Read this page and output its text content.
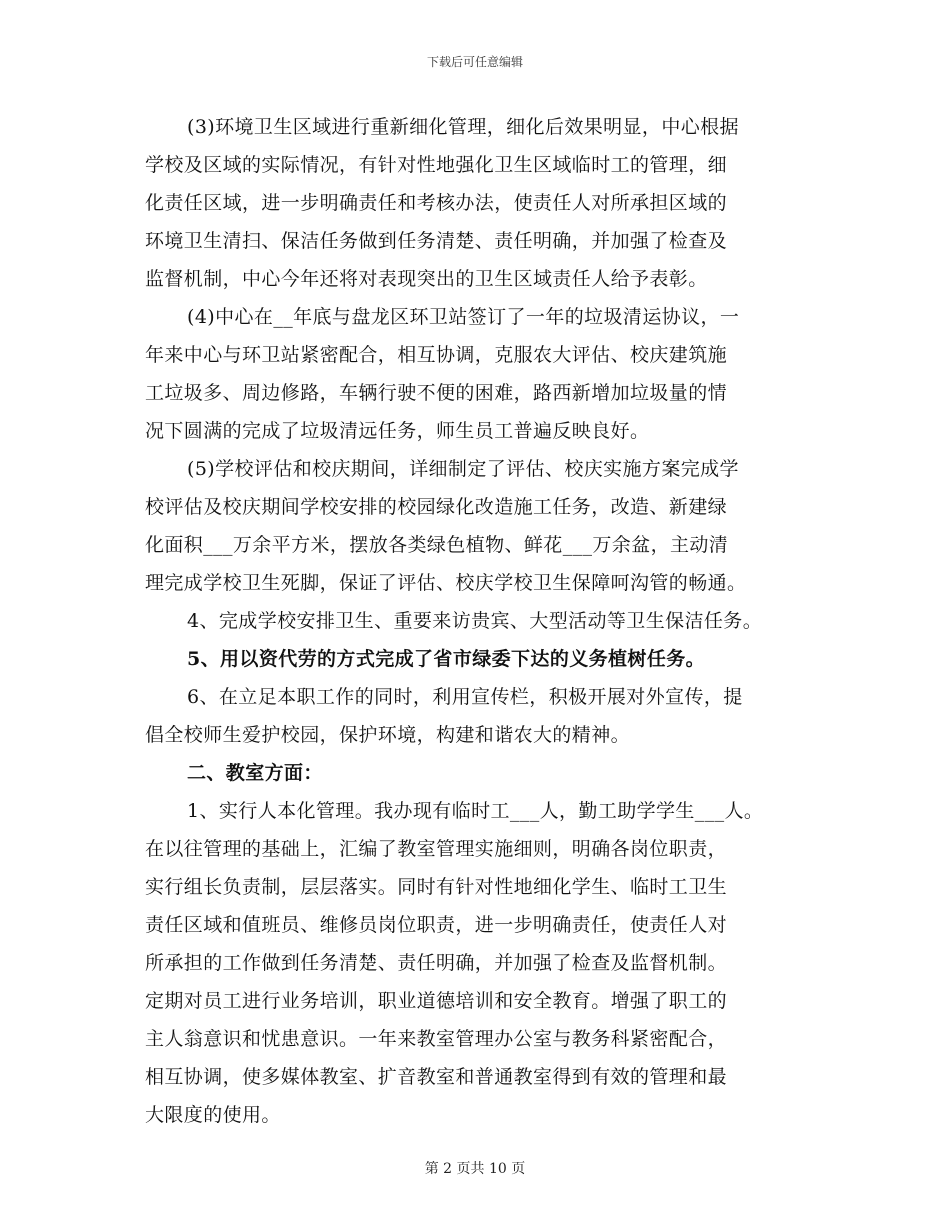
下载后可任意编辑
(3)环境卫生区域进行重新细化管理，细化后效果明显，中心根据
学校及区域的实际情况，有针对性地强化卫生区域临时工的管理，细
化责任区域，进一步明确责任和考核办法，使责任人对所承担区域的
环境卫生清扫、保洁任务做到任务清楚、责任明确，并加强了检查及
监督机制，中心今年还将对表现突出的卫生区域责任人给予表彰。
(4)中心在__年底与盘龙区环卫站签订了一年的垃圾清运协议，一
年来中心与环卫站紧密配合，相互协调，克服农大评估、校庆建筑施
工垃圾多、周边修路，车辆行驶不便的困难，路西新增加垃圾量的情
况下圆满的完成了垃圾清远任务，师生员工普遍反映良好。
(5)学校评估和校庆期间，详细制定了评估、校庆实施方案完成学
校评估及校庆期间学校安排的校园绿化改造施工任务，改造、新建绿
化面积___万余平方米，摆放各类绿色植物、鲜花___万余盆，主动清
理完成学校卫生死脚，保证了评估、校庆学校卫生保障呵沟管的畅通。
4、完成学校安排卫生、重要来访贵宾、大型活动等卫生保洁任务。
5、用以资代劳的方式完成了省市绿委下达的义务植树任务。
6、在立足本职工作的同时，利用宣传栏，积极开展对外宣传，提
倡全校师生爱护校园，保护环境，构建和谐农大的精神。
二、教室方面：
1、实行人本化管理。我办现有临时工___人，勤工助学学生___人。
在以往管理的基础上，汇编了教室管理实施细则，明确各岗位职责，
实行组长负责制，层层落实。同时有针对性地细化学生、临时工卫生
责任区域和值班员、维修员岗位职责，进一步明确责任，使责任人对
所承担的工作做到任务清楚、责任明确，并加强了检查及监督机制。
定期对员工进行业务培训，职业道德培训和安全教育。增强了职工的
主人翁意识和忧患意识。一年来教室管理办公室与教务科紧密配合，
相互协调，使多媒体教室、扩音教室和普通教室得到有效的管理和最
大限度的使用。
第 2 页共 10 页
